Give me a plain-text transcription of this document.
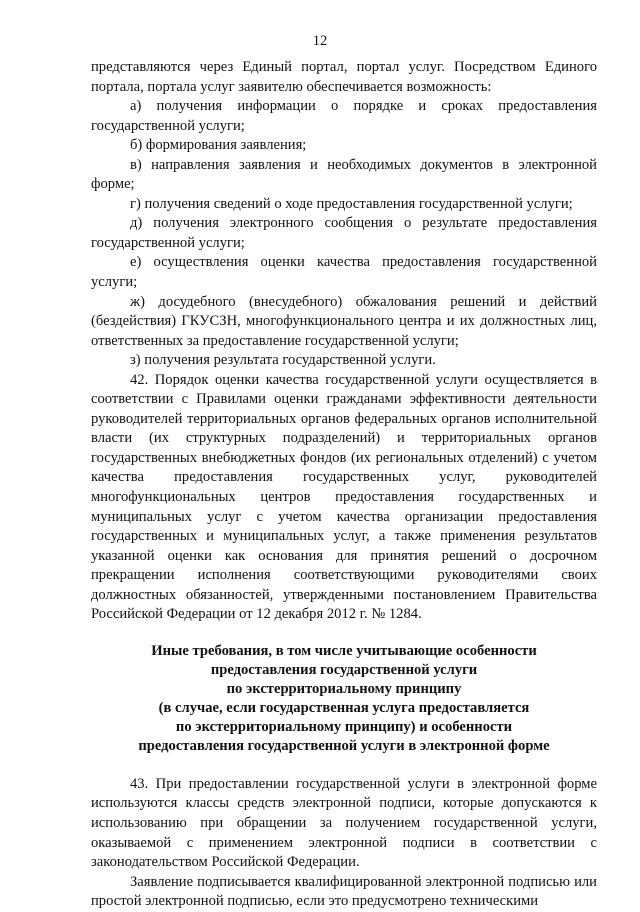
12

представляются через Единый портал, портал услуг. Посредством Единого портала, портала услуг заявителю обеспечивается возможность:

а) получения информации о порядке и сроках предоставления государственной услуги;

б) формирования заявления;

в) направления заявления и необходимых документов в электронной форме;

г) получения сведений о ходе предоставления государственной услуги;

д) получения электронного сообщения о результате предоставления государственной услуги;

е) осуществления оценки качества предоставления государственной услуги;

ж) досудебного (внесудебного) обжалования решений и действий (бездействия) ГКУСЗН, многофункционального центра и их должностных лиц, ответственных за предоставление государственной услуги;

з) получения результата государственной услуги.

42. Порядок оценки качества государственной услуги осуществляется в соответствии с Правилами оценки гражданами эффективности деятельности руководителей территориальных органов федеральных органов исполнительной власти (их структурных подразделений) и территориальных органов государственных внебюджетных фондов (их региональных отделений) с учетом качества предоставления государственных услуг, руководителей многофункциональных центров предоставления государственных и муниципальных услуг с учетом качества организации предоставления государственных и муниципальных услуг, а также применения результатов указанной оценки как основания для принятия решений о досрочном прекращении исполнения соответствующими руководителями своих должностных обязанностей, утвержденными постановлением Правительства Российской Федерации от 12 декабря 2012 г. № 1284.

Иные требования, в том числе учитывающие особенности
предоставления государственной услуги
по экстерриториальному принципу
(в случае, если государственная услуга предоставляется
по экстерриториальному принципу) и особенности
предоставления государственной услуги в электронной форме

43. При предоставлении государственной услуги в электронной форме используются классы средств электронной подписи, которые допускаются к использованию при обращении за получением государственной услуги, оказываемой с применением электронной подписи в соответствии с законодательством Российской Федерации.

Заявление подписывается квалифицированной электронной подписью или простой электронной подписью, если это предусмотрено техническими
